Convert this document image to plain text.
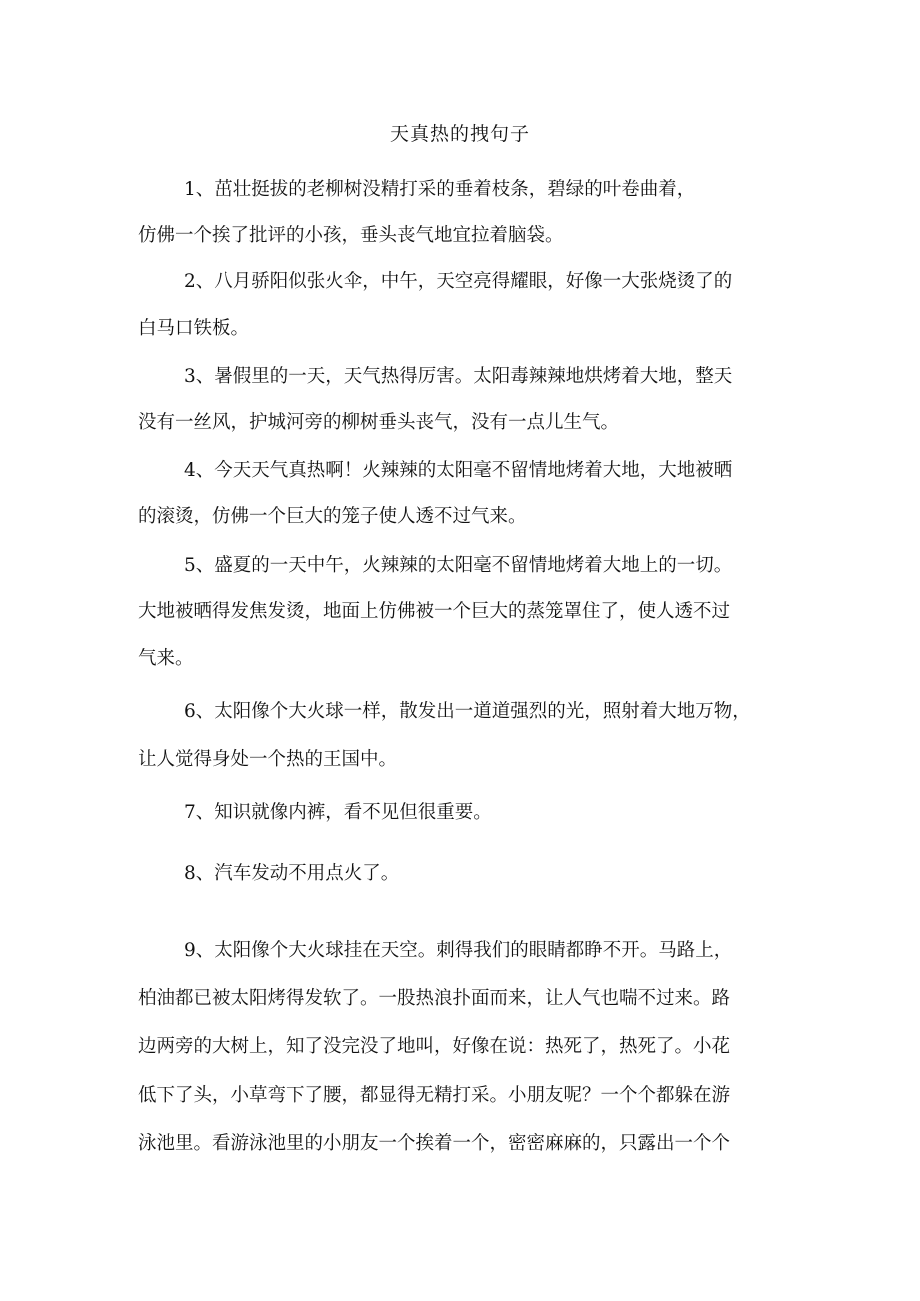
天真热的拽句子
1、茁壮挺拔的老柳树没精打采的垂着枝条，碧绿的叶卷曲着，
仿佛一个挨了批评的小孩，垂头丧气地宜拉着脑袋。
2、八月骄阳似张火伞，中午，天空亮得耀眼，好像一大张烧烫了的
白马口铁板。
3、暑假里的一天，天气热得厉害。太阳毒辣辣地烘烤着大地，整天
没有一丝风，护城河旁的柳树垂头丧气，没有一点儿生气。
4、今天天气真热啊！火辣辣的太阳毫不留情地烤着大地，大地被晒
的滚烫，仿佛一个巨大的笼子使人透不过气来。
5、盛夏的一天中午，火辣辣的太阳毫不留情地烤着大地上的一切。
大地被晒得发焦发烫，地面上仿佛被一个巨大的蒸笼罩住了，使人透不过
气来。
6、太阳像个大火球一样，散发出一道道强烈的光，照射着大地万物，
让人觉得身处一个热的王国中。
7、知识就像内裤，看不见但很重要。
8、汽车发动不用点火了。
9、太阳像个大火球挂在天空。刺得我们的眼睛都睁不开。马路上，
柏油都已被太阳烤得发软了。一股热浪扑面而来，让人气也喘不过来。路
边两旁的大树上，知了没完没了地叫，好像在说：热死了，热死了。小花
低下了头，小草弯下了腰，都显得无精打采。小朋友呢？一个个都躲在游
泳池里。看游泳池里的小朋友一个挨着一个，密密麻麻的，只露出一个个
